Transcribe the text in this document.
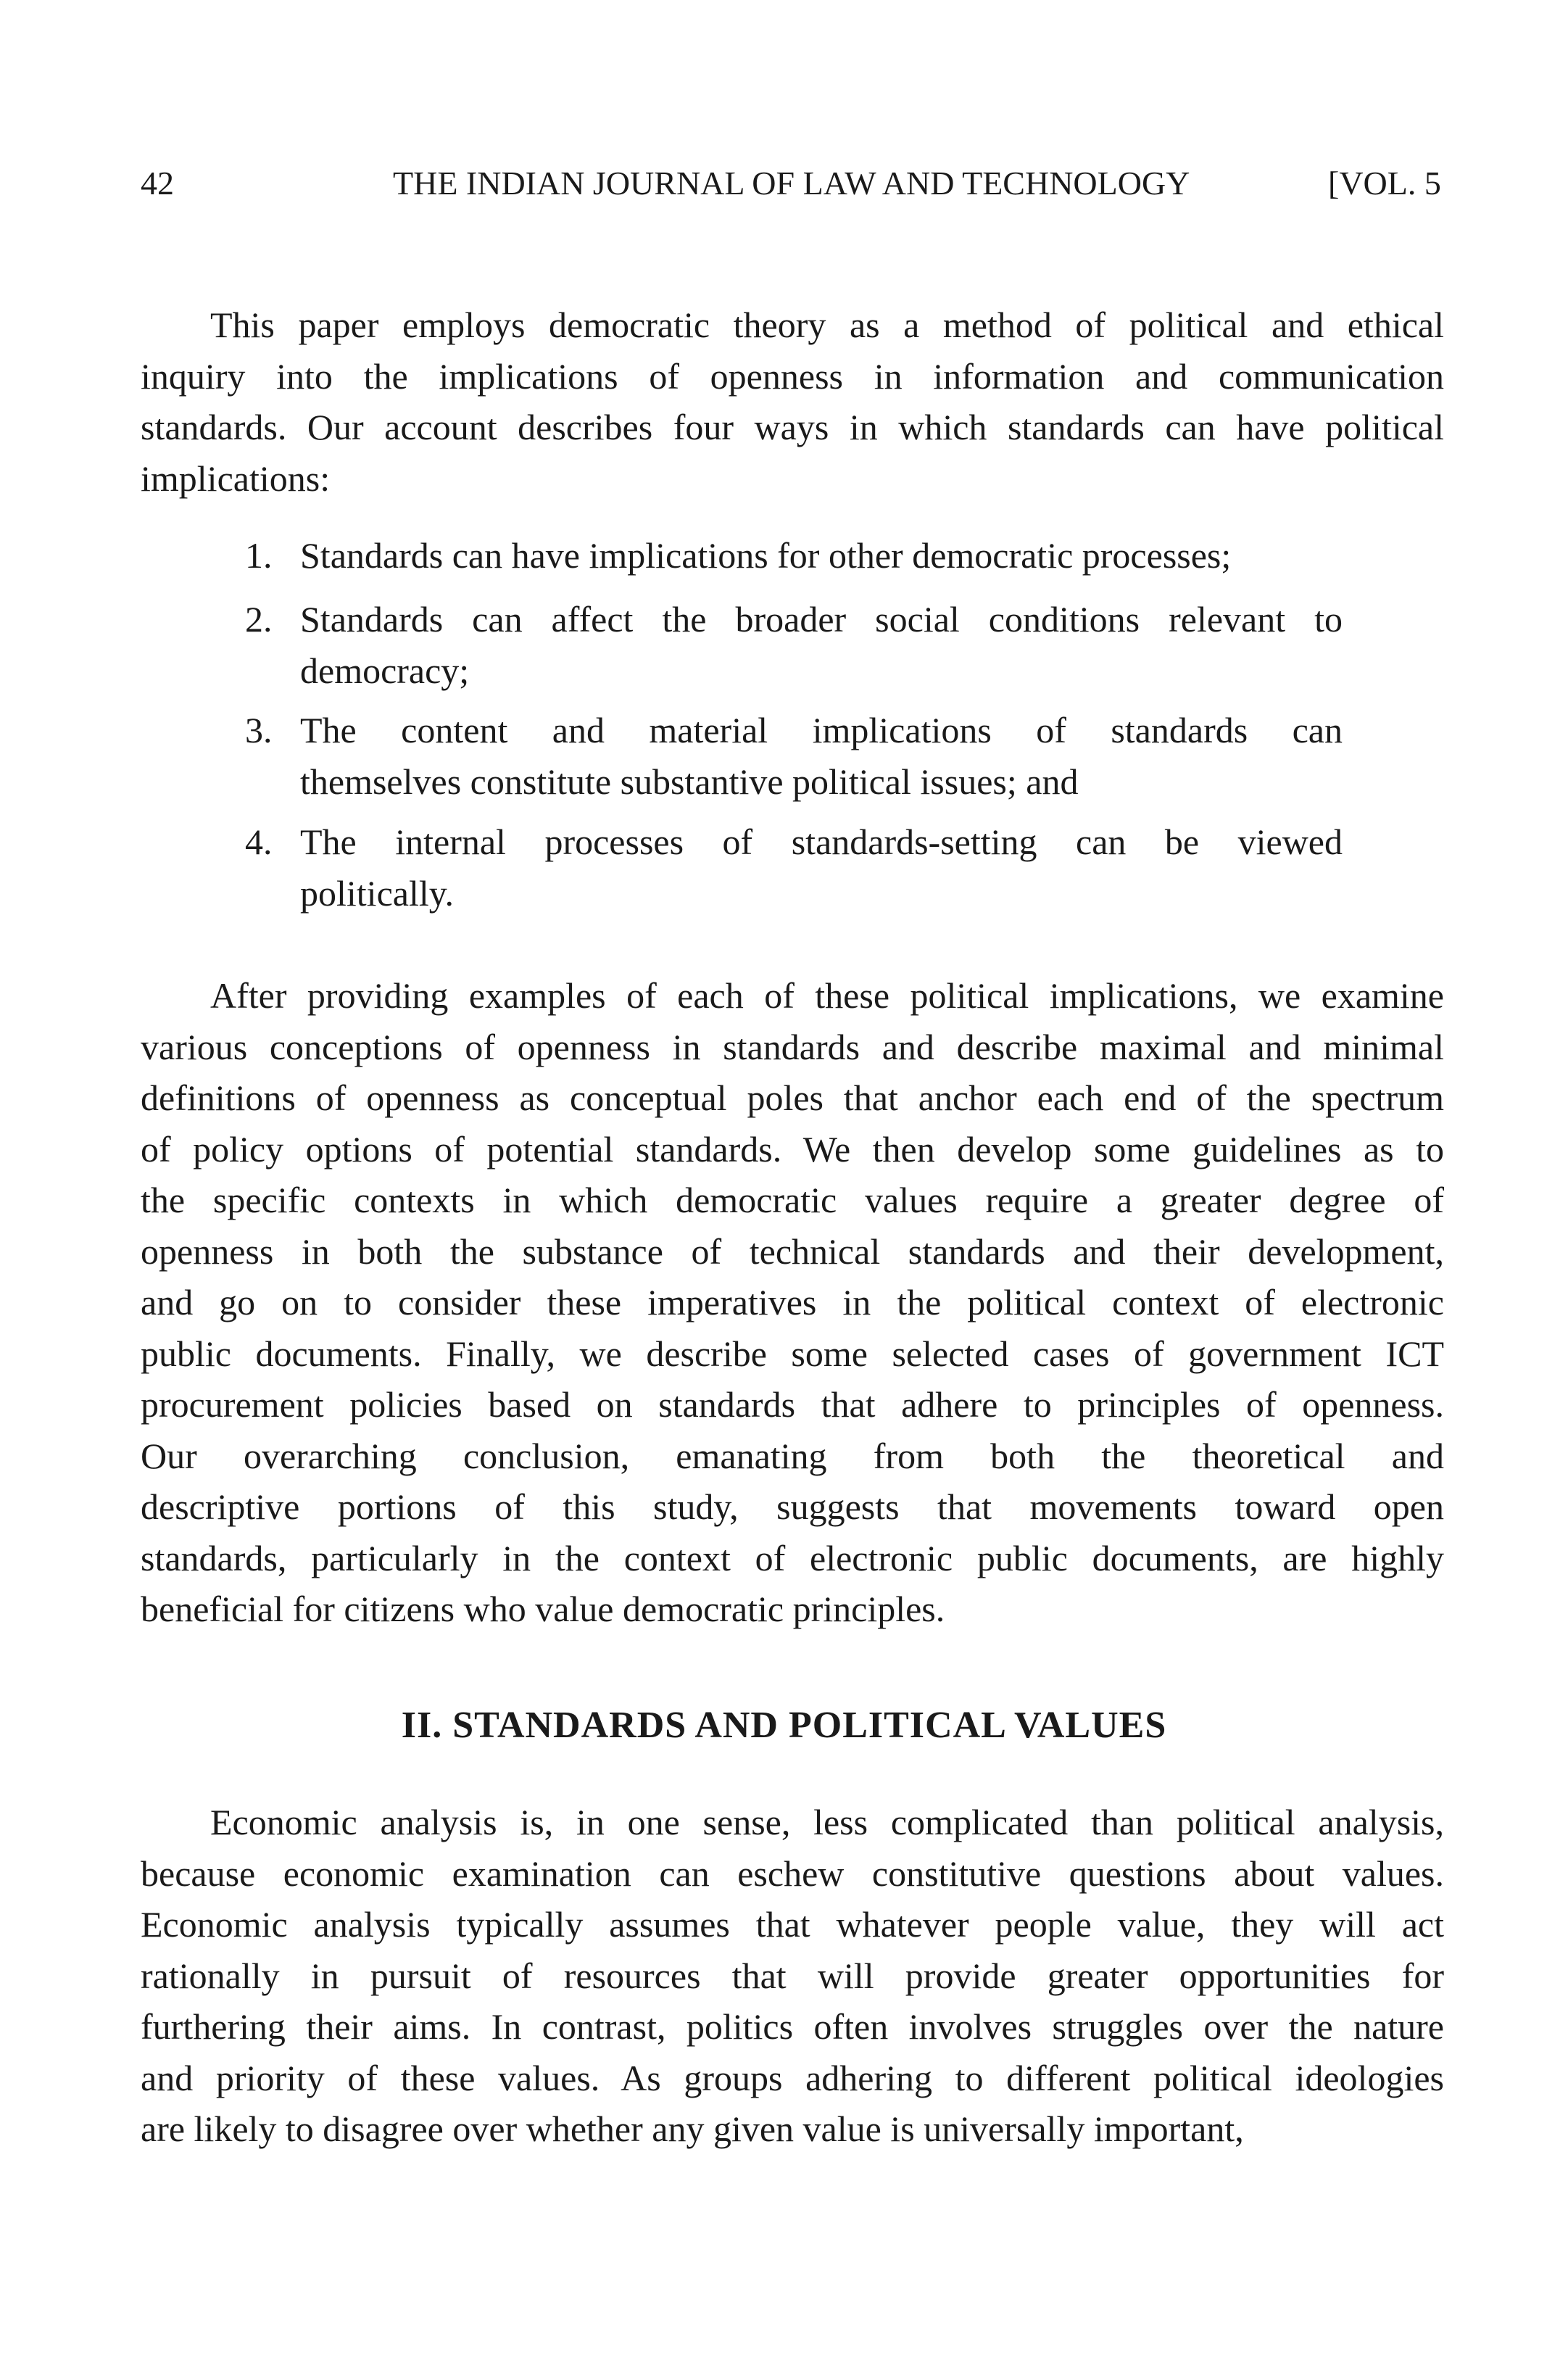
42	THE INDIAN JOURNAL OF LAW AND TECHNOLOGY	[VOL. 5
This paper employs democratic theory as a method of political and ethical
inquiry into the implications of openness in information and communication
standards. Our account describes four ways in which standards can have political
implications:
1. Standards can have implications for other democratic processes;
2. Standards can affect the broader social conditions relevant to
democracy;
3. The content and material implications of standards can
themselves constitute substantive political issues; and
4. The internal processes of standards-setting can be viewed
politically.
After providing examples of each of these political implications, we examine
various conceptions of openness in standards and describe maximal and minimal
definitions of openness as conceptual poles that anchor each end of the spectrum
of policy options of potential standards. We then develop some guidelines as to
the specific contexts in which democratic values require a greater degree of
openness in both the substance of technical standards and their development,
and go on to consider these imperatives in the political context of electronic
public documents. Finally, we describe some selected cases of government ICT
procurement policies based on standards that adhere to principles of openness.
Our overarching conclusion, emanating from both the theoretical and
descriptive portions of this study, suggests that movements toward open
standards, particularly in the context of electronic public documents, are highly
beneficial for citizens who value democratic principles.
II. STANDARDS AND POLITICAL VALUES
Economic analysis is, in one sense, less complicated than political analysis,
because economic examination can eschew constitutive questions about values.
Economic analysis typically assumes that whatever people value, they will act
rationally in pursuit of resources that will provide greater opportunities for
furthering their aims. In contrast, politics often involves struggles over the nature
and priority of these values. As groups adhering to different political ideologies
are likely to disagree over whether any given value is universally important,
